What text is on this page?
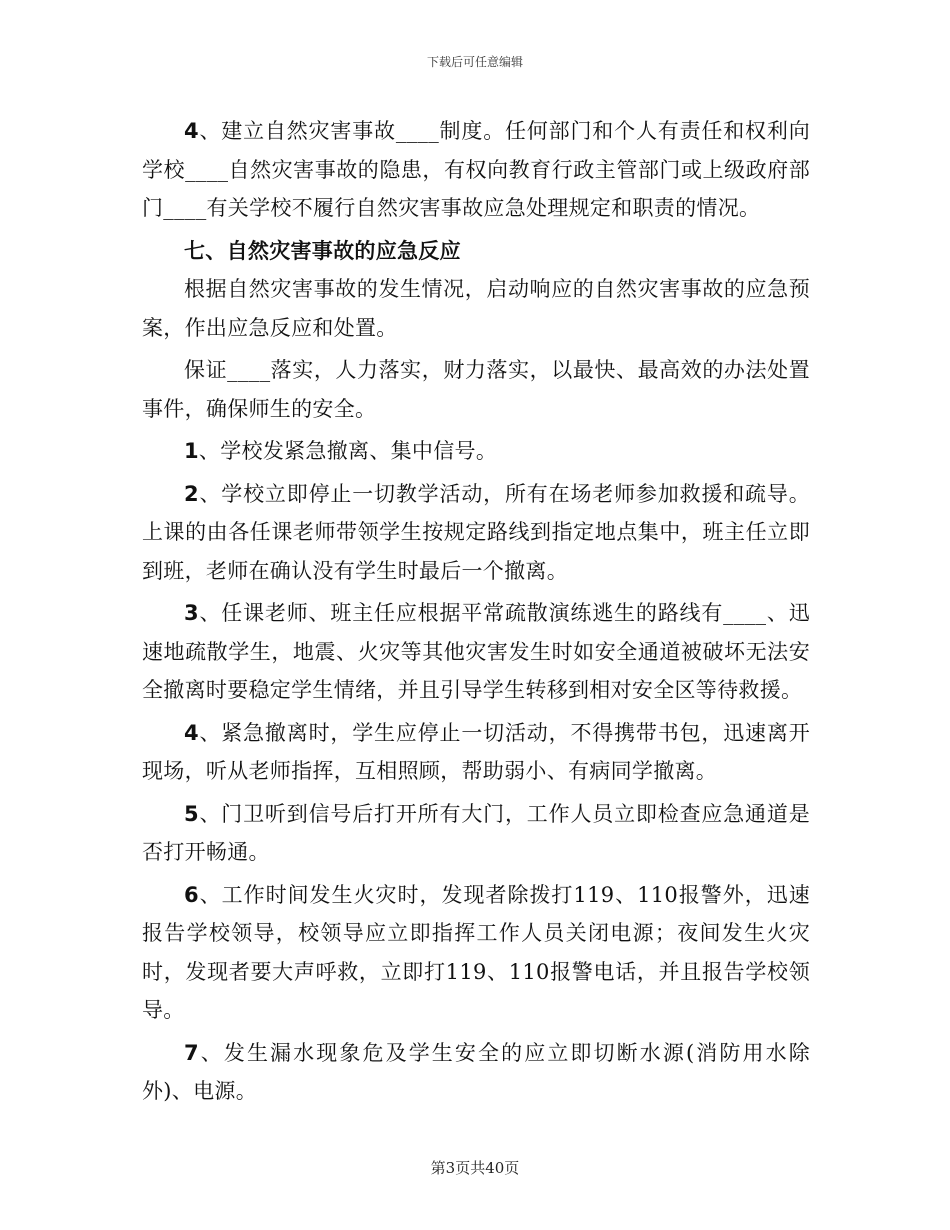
下载后可任意编辑

4、建立自然灾害事故____制度。任何部门和个人有责任和权利向学校____自然灾害事故的隐患，有权向教育行政主管部门或上级政府部门____有关学校不履行自然灾害事故应急处理规定和职责的情况。

七、自然灾害事故的应急反应

根据自然灾害事故的发生情况，启动响应的自然灾害事故的应急预案，作出应急反应和处置。

保证____落实，人力落实，财力落实，以最快、最高效的办法处置事件，确保师生的安全。

1、学校发紧急撤离、集中信号。

2、学校立即停止一切教学活动，所有在场老师参加救援和疏导。上课的由各任课老师带领学生按规定路线到指定地点集中，班主任立即到班，老师在确认没有学生时最后一个撤离。

3、任课老师、班主任应根据平常疏散演练逃生的路线有____、迅速地疏散学生，地震、火灾等其他灾害发生时如安全通道被破坏无法安全撤离时要稳定学生情绪，并且引导学生转移到相对安全区等待救援。

4、紧急撤离时，学生应停止一切活动，不得携带书包，迅速离开现场，听从老师指挥，互相照顾，帮助弱小、有病同学撤离。

5、门卫听到信号后打开所有大门，工作人员立即检查应急通道是否打开畅通。

6、工作时间发生火灾时，发现者除拨打119、110报警外，迅速报告学校领导，校领导应立即指挥工作人员关闭电源；夜间发生火灾时，发现者要大声呼救，立即打119、110报警电话，并且报告学校领导。

7、发生漏水现象危及学生安全的应立即切断水源(消防用水除外)、电源。

第3页共40页
